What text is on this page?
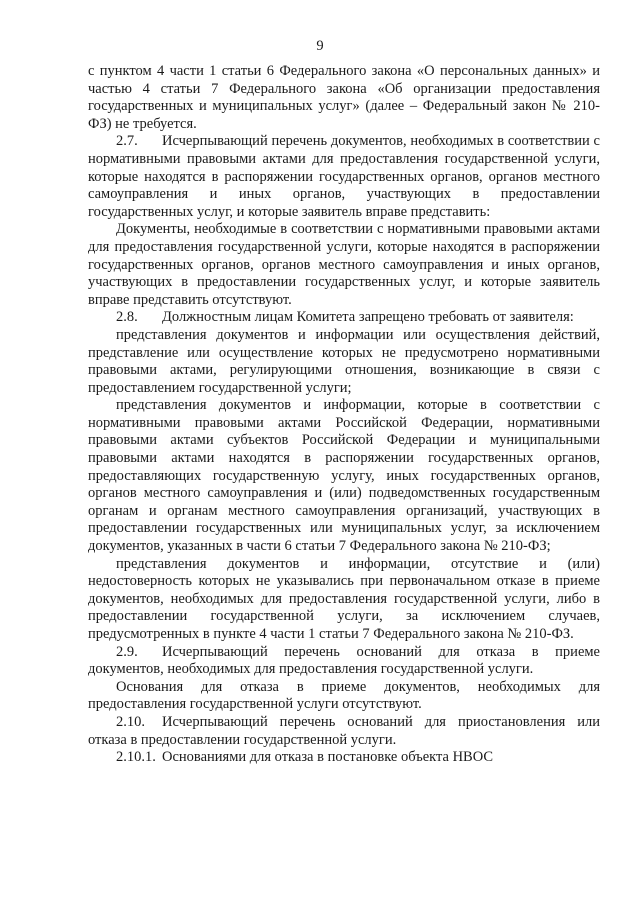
9

с пунктом 4 части 1 статьи 6 Федерального закона «О персональных данных» и частью 4 статьи 7 Федерального закона «Об организации предоставления государственных и муниципальных услуг» (далее – Федеральный закон № 210-ФЗ) не требуется.

2.7. Исчерпывающий перечень документов, необходимых в соответствии с нормативными правовыми актами для предоставления государственной услуги, которые находятся в распоряжении государственных органов, органов местного самоуправления и иных органов, участвующих в предоставлении государственных услуг, и которые заявитель вправе представить:

Документы, необходимые в соответствии с нормативными правовыми актами для предоставления государственной услуги, которые находятся в распоряжении государственных органов, органов местного самоуправления и иных органов, участвующих в предоставлении государственных услуг, и которые заявитель вправе представить отсутствуют.

2.8. Должностным лицам Комитета запрещено требовать от заявителя:

представления документов и информации или осуществления действий, представление или осуществление которых не предусмотрено нормативными правовыми актами, регулирующими отношения, возникающие в связи с предоставлением государственной услуги;

представления документов и информации, которые в соответствии с нормативными правовыми актами Российской Федерации, нормативными правовыми актами субъектов Российской Федерации и муниципальными правовыми актами находятся в распоряжении государственных органов, предоставляющих государственную услугу, иных государственных органов, органов местного самоуправления и (или) подведомственных государственным органам и органам местного самоуправления организаций, участвующих в предоставлении государственных или муниципальных услуг, за исключением документов, указанных в части 6 статьи 7 Федерального закона № 210-ФЗ;

представления документов и информации, отсутствие и (или) недостоверность которых не указывались при первоначальном отказе в приеме документов, необходимых для предоставления государственной услуги, либо в предоставлении государственной услуги, за исключением случаев, предусмотренных в пункте 4 части 1 статьи 7 Федерального закона № 210-ФЗ.

2.9. Исчерпывающий перечень оснований для отказа в приеме документов, необходимых для предоставления государственной услуги.

Основания для отказа в приеме документов, необходимых для предоставления государственной услуги отсутствуют.

2.10. Исчерпывающий перечень оснований для приостановления или отказа в предоставлении государственной услуги.

2.10.1. Основаниями для отказа в постановке объекта НВОС
